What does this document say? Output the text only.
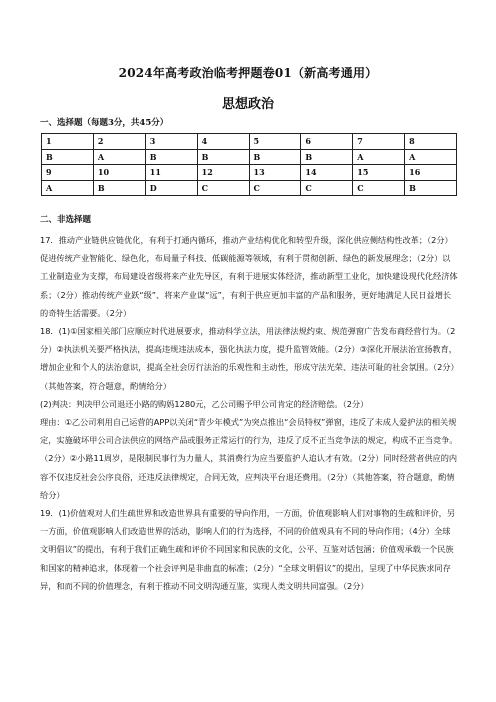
2024年高考政治临考押题卷01（新高考通用）
思想政治
一、选择题（每题3分，共45分）
1	2	3	4	5	6	7	8
B	A	B	B	B	B	A	A
9	10	11	12	13	14	15	16
A	B	D	C	C	C	C	B
二、非选择题

17．推动产业链供应链优化，有利于打通内循环，推动产业结构优化和转型升级，深化供应侧结构性改革；（2分）促进传统产业智能化、绿色化，布局量子科技、低碳能源等领域，有利于贯彻创新、绿色的新发展理念；（2分）以工业制造业为支撑，布局建设省级将来产业先导区，有利于进展实体经济，推动新型工业化，加快建设现代化经济体系；（2分）推动传统产业跃“级”、将来产业谋“远”，有利于供应更加丰富的产品和服务，更好地满足人民日益增长的奇特生活需要。（2分）

18．(1)①国家相关部门应顺应时代进展要求，推动科学立法，用法律法规约束、规范弹窗广告发布商经营行为。（2分）②执法机关要严格执法，提高违规违法成本，强化执法力度，提升监管效能。（2分）③深化开展法治宣扬教育，增加企业和个人的法治意识，提高全社会厉行法治的乐观性和主动性，形成守法光荣、违法可耻的社会氛围。（2分）（其他答案，符合题意，酌情给分）

(2)判决：判决甲公司退还小路的购妈1280元，乙公司赐予甲公司肯定的经济赔偿。（2分）

理由：①乙公司利用自己运营的APP以关闭“青少年模式”为突点推出“会员特权”弹窗，违反了未成人爱护法的相关规定，实施破坏甲公司合法供应的网络产品或服务正常运行的行为，违反了反不正当竞争法的规定，构成不正当竞争。（2分）②小路11周岁，是限制民事行为力量人，其消费行为应当要监护人追认才有效。（2分）同时经营者供应的内容不仅违反社会公序良俗，还违反法律规定，合同无效，应判决平台退还费用。（2分）（其他答案，符合题意，酌情给分）

19．(1)价值观对人们生疏世界和改造世界具有重要的导向作用，一方面，价值观影响人们对事物的生疏和评价，另一方面，价值观影响人们改造世界的活动，影响人们的行为选择，不同的价值观具有不同的导向作用；（4分）全球文明倡议”的提出，有利于我们正确生疏和评价不同国家和民族的文化，公平、互鉴对话包涵；价值观承载一个民族和国家的精神追求，体现着一个社会评判是非曲直的标准；（2分）“全球文明倡议”的提出，呈现了中华民族求同存异，和而不同的价值理念，有利于推动不同文明沟通互鉴，实现人类文明共同富强。（2分）
